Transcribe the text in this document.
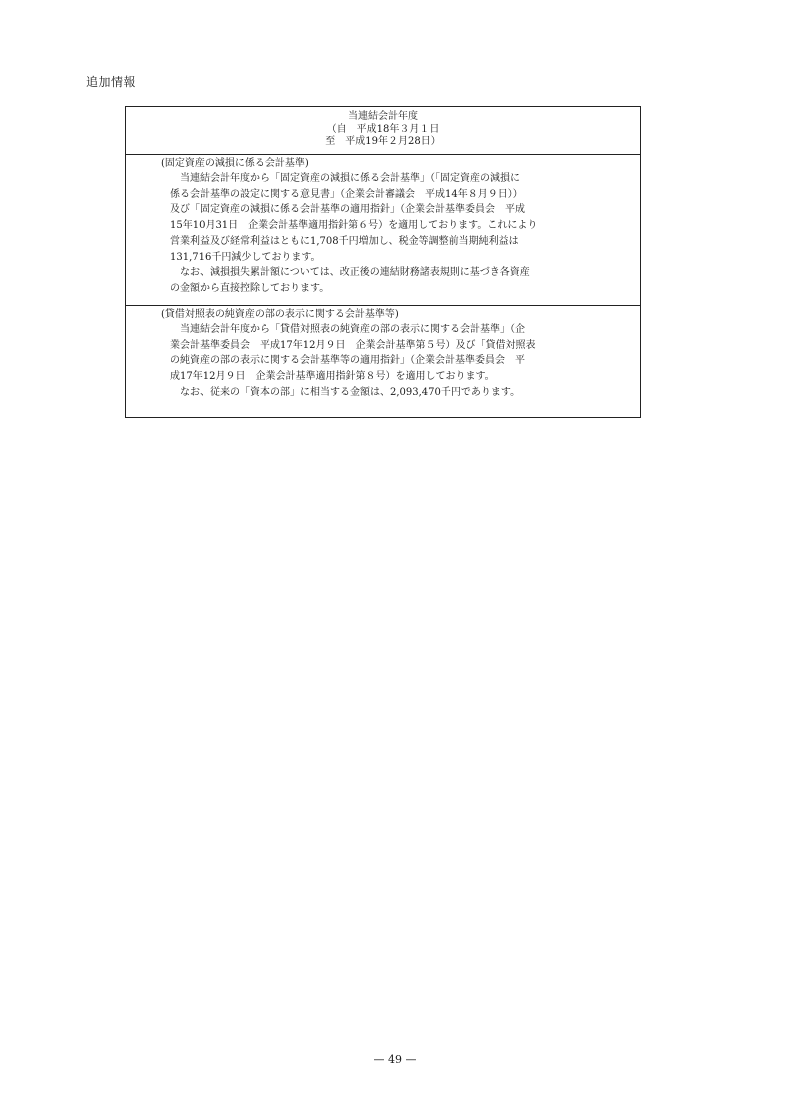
追加情報
当連結会計年度
（自　平成18年３月１日
至　平成19年２月28日）
(固定資産の減損に係る会計基準)
当連結会計年度から「固定資産の減損に係る会計基準」（「固定資産の減損に
係る会計基準の設定に関する意見書」（企業会計審議会　平成14年８月９日））
及び「固定資産の減損に係る会計基準の適用指針」（企業会計基準委員会　平成
15年10月31日　企業会計基準適用指針第６号）を適用しております。これにより
営業利益及び経常利益はともに1,708千円増加し、税金等調整前当期純利益は
131,716千円減少しております。
なお、減損損失累計額については、改正後の連結財務諸表規則に基づき各資産
の金額から直接控除しております。
(貸借対照表の純資産の部の表示に関する会計基準等)
当連結会計年度から「貸借対照表の純資産の部の表示に関する会計基準」（企
業会計基準委員会　平成17年12月９日　企業会計基準第５号）及び「貸借対照表
の純資産の部の表示に関する会計基準等の適用指針」（企業会計基準委員会　平
成17年12月９日　企業会計基準適用指針第８号）を適用しております。
なお、従来の「資本の部」に相当する金額は、2,093,470千円であります。
— 49 —
